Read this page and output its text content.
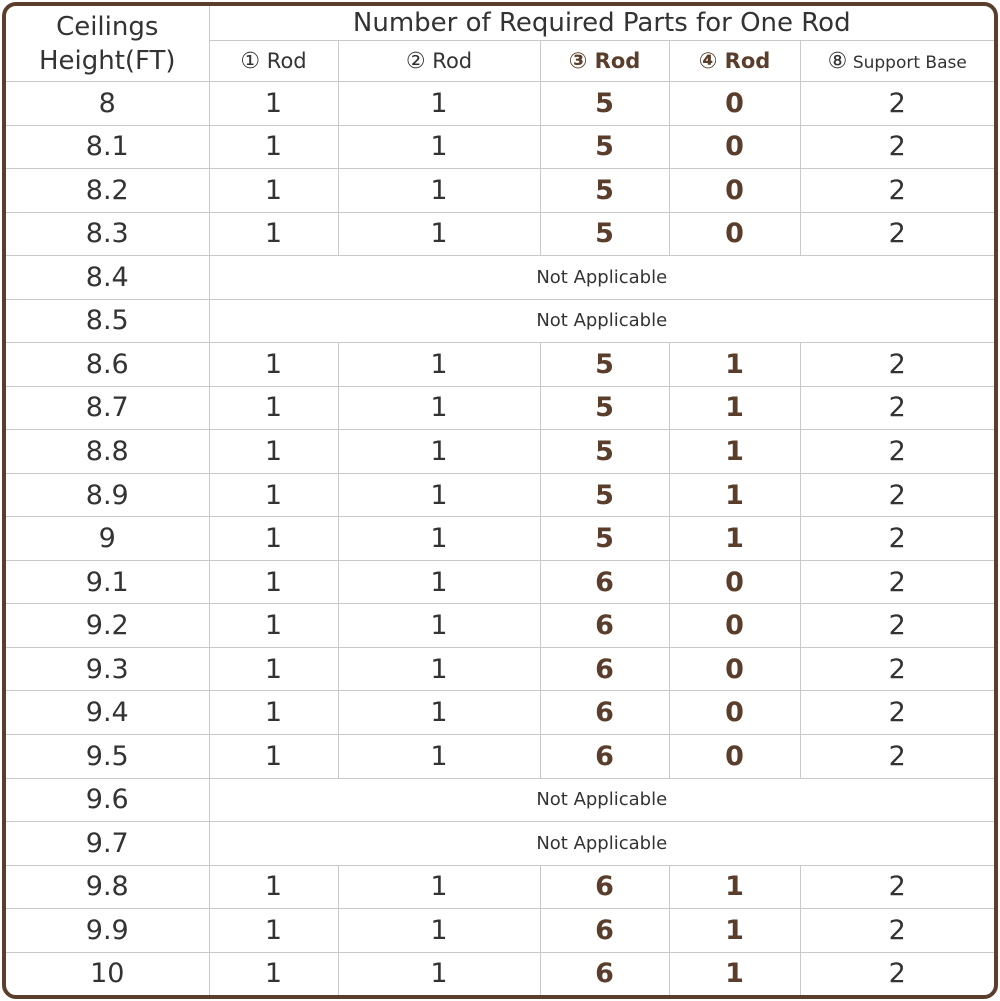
Ceilings Height(FT)	Number of Required Parts for One Rod				
	① Rod	② Rod	③ Rod	④ Rod	⑧ Support Base
8	1	1	5	0	2
8.1	1	1	5	0	2
8.2	1	1	5	0	2
8.3	1	1	5	0	2
8.4	Not Applicable				
8.5	Not Applicable				
8.6	1	1	5	1	2
8.7	1	1	5	1	2
8.8	1	1	5	1	2
8.9	1	1	5	1	2
9	1	1	5	1	2
9.1	1	1	6	0	2
9.2	1	1	6	0	2
9.3	1	1	6	0	2
9.4	1	1	6	0	2
9.5	1	1	6	0	2
9.6	Not Applicable				
9.7	Not Applicable				
9.8	1	1	6	1	2
9.9	1	1	6	1	2
10	1	1	6	1	2
